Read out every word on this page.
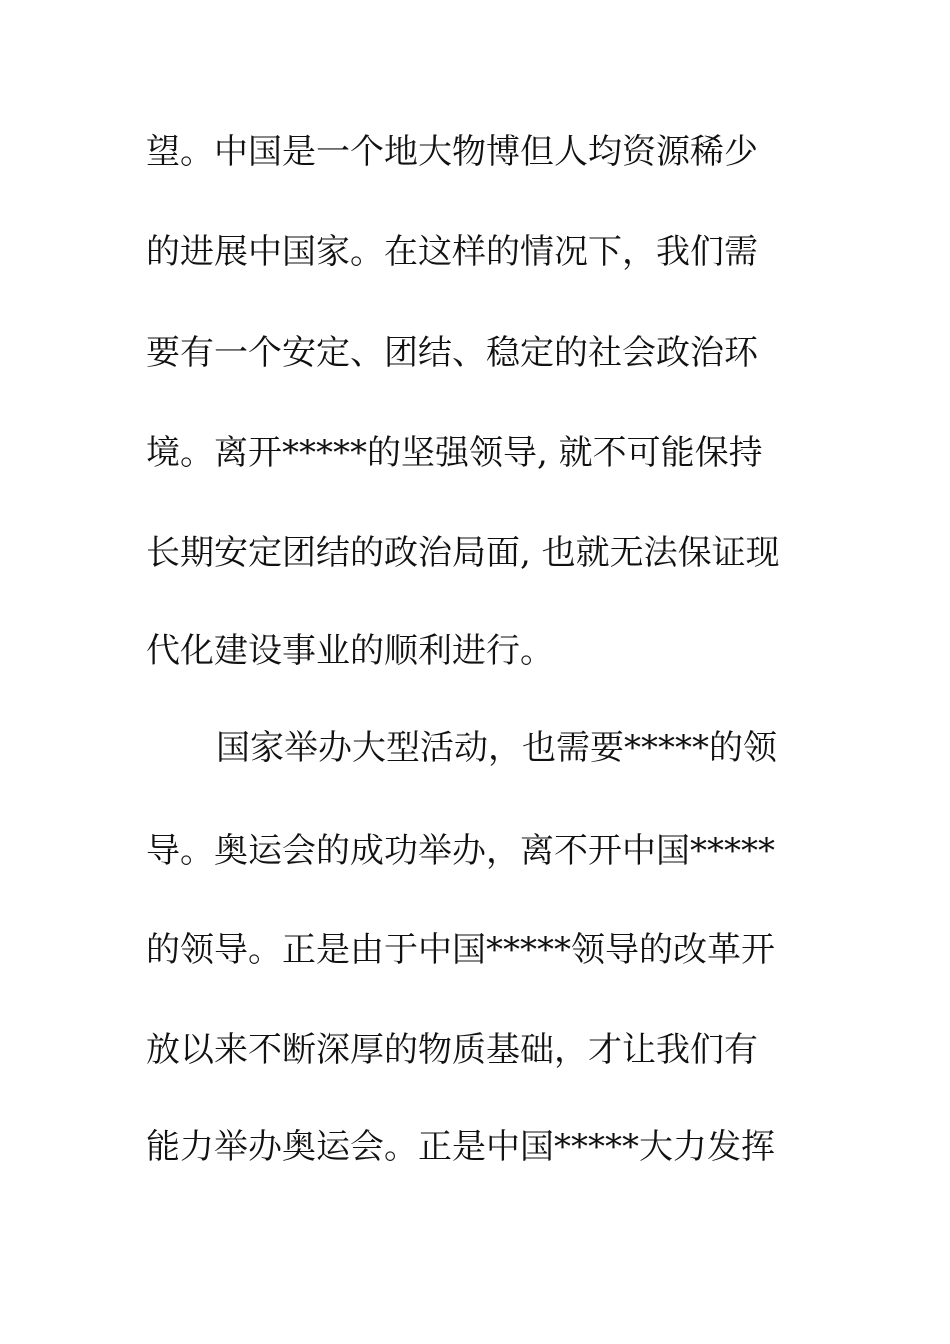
望。中国是一个地大物博但人均资源稀少
的进展中国家。在这样的情况下，我们需
要有一个安定、团结、稳定的社会政治环
境。离开*****的坚强领导, 就不可能保持
长期安定团结的政治局面, 也就无法保证现
代化建设事业的顺利进行。
国家举办大型活动，也需要*****的领
导。奥运会的成功举办，离不开中国*****
的领导。正是由于中国*****领导的改革开
放以来不断深厚的物质基础，才让我们有
能力举办奥运会。正是中国*****大力发挥
